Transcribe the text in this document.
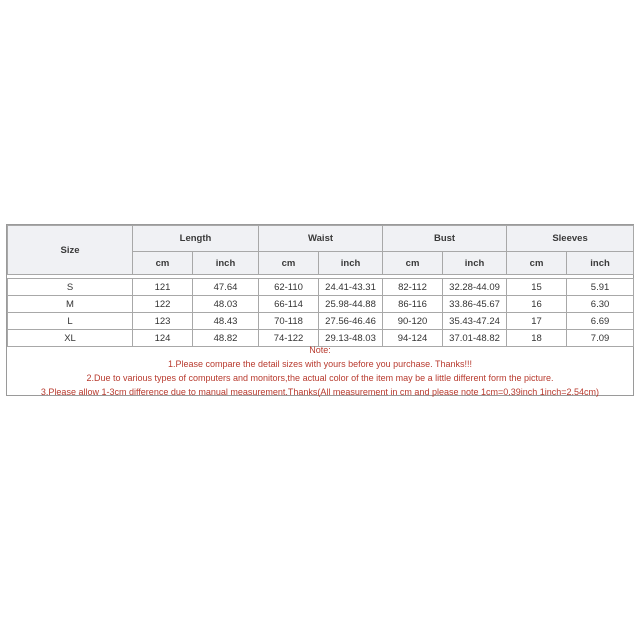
Size	Length		Waist		Bust		Sleeves	
	cm	inch	cm	inch	cm	inch	cm	inch

S	121	47.64	62-110	24.41-43.31	82-112	32.28-44.09	15	5.91
M	122	48.03	66-114	25.98-44.88	86-116	33.86-45.67	16	6.30
L	123	48.43	70-118	27.56-46.46	90-120	35.43-47.24	17	6.69
XL	124	48.82	74-122	29.13-48.03	94-124	37.01-48.82	18	7.09
Note:
1.Please compare the detail sizes with yours before you purchase. Thanks!!!
2.Due to various types of computers and monitors,the actual color of the item may be a little different form the picture.
3.Please allow 1-3cm difference due to manual measurement.Thanks(All measurement in cm and please note 1cm=0.39inch 1inch=2.54cm)
